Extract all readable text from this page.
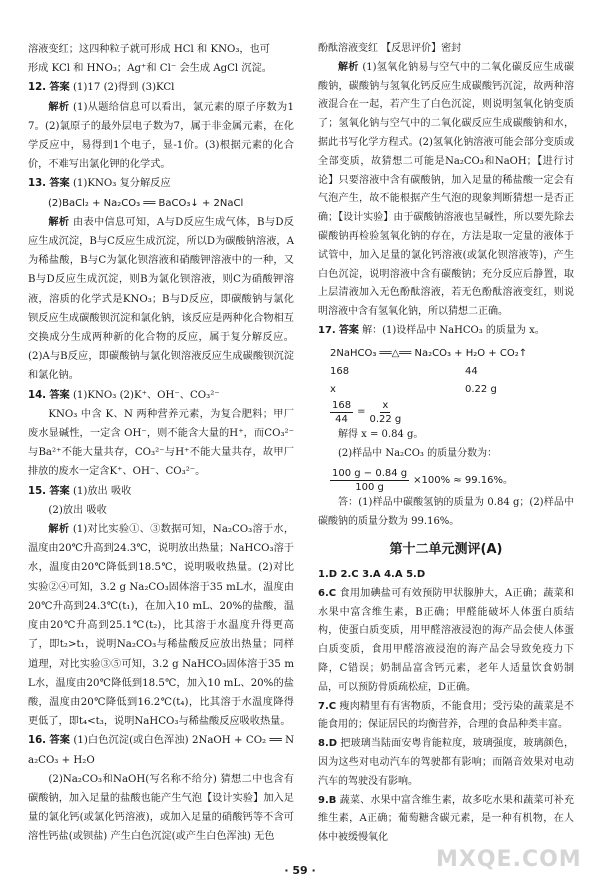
溶液变红；这四种粒子就可形成 HCl 和 KNO₃，也可

形成 KCl 和 HNO₃；Ag⁺和 Cl⁻ 会生成 AgCl 沉淀。

12. 答案 (1)17 (2)得到 (3)KCl

解析 (1)从题给信息可以看出，氯元素的原子序数为17。(2)氯原子的最外层电子数为7，属于非金属元素，在化学反应中，易得到1个电子，显-1价。(3)根据元素的化合价，不难写出氯化钾的化学式。

13. 答案 (1)KNO₃ 复分解反应

(2)BaCl₂ + Na₂CO₃ ══ BaCO₃↓ + 2NaCl

解析 由表中信息可知，A与D反应生成气体，B与D反应生成沉淀，B与C反应生成沉淀，所以D为碳酸钠溶液，A为稀盐酸，B与C为氯化钡溶液和硝酸钾溶液中的一种，又B与D反应生成沉淀，则B为氯化钡溶液，则C为硝酸钾溶液，溶质的化学式是KNO₃；B与D反应，即碳酸钠与氯化钡反应生成碳酸钡沉淀和氯化钠，该反应是两种化合物相互交换成分生成两种新的化合物的反应，属于复分解反应。(2)A与B反应，即碳酸钠与氯化钡溶液反应生成碳酸钡沉淀和氯化钠。

14. 答案 (1)KNO₃ (2)K⁺、OH⁻、CO₃²⁻

KNO₃ 中含 K、N 两种营养元素，为复合肥料；甲厂废水显碱性，一定含 OH⁻，则不能含大量的H⁺，而CO₃²⁻与Ba²⁺不能大量共存，CO₃²⁻与H⁺不能大量共存，故甲厂排放的废水一定含K⁺、OH⁻、CO₃²⁻。

15. 答案 (1)放出 吸收

(2)放出 吸收

解析 (1)对比实验①、③数据可知，Na₂CO₃溶于水，温度由20℃升高到24.3℃，说明放出热量；NaHCO₃溶于水，温度由20℃降低到18.5℃，说明吸收热量。(2)对比实验②④可知，3.2 g Na₂CO₃固体溶于35 mL水，温度由20℃升高到24.3℃(t₁)，在加入10 mL、20%的盐酸，温度由20℃升高到25.1℃(t₂)，比其溶于水温度升得更高了，即t₂>t₁，说明Na₂CO₃与稀盐酸反应放出热量；同样道理，对比实验③⑤可知，3.2 g NaHCO₃固体溶于35 mL水，温度由20℃降低到18.5℃，加入10 mL、20%的盐酸，温度由20℃降低到16.2℃(t₄)，比其溶于水温度降得更低了，即t₄<t₃，说明NaHCO₃与稀盐酸反应吸收热量。

16. 答案 (1)白色沉淀(或白色浑浊) 2NaOH + CO₂ ══ Na₂CO₃ + H₂O

(2)Na₂CO₃和NaOH(写名称不给分) 猜想二中也含有碳酸钠，加入足量的盐酸也能产生气泡【设计实验】加入足量的氯化钙(或氯化钙溶液)，或加入足量的硝酸钙等不含可溶性钙盐(或钡盐) 产生白色沉淀(或产生白色浑浊) 无色

酚酞溶液变红 【反思评价】密封

解析 (1)氢氧化钠易与空气中的二氧化碳反应生成碳酸钠，碳酸钠与氢氧化钙反应生成碳酸钙沉淀，故两种溶液混合在一起，若产生了白色沉淀，则说明氢氧化钠变质了；氢氧化钠与空气中的二氧化碳反应生成碳酸钠和水，据此书写化学方程式。(2)氢氧化钠溶液可能会部分变质或全部变质，故猜想二可能是Na₂CO₃和NaOH；【进行讨论】只要溶液中含有碳酸钠，加入足量的稀盐酸一定会有气泡产生，故不能根据产生气泡的现象判断猜想一是否正确；【设计实验】由于碳酸钠溶液也呈碱性，所以要先除去碳酸钠再检验氢氧化钠的存在，方法是取一定量的液体于试管中，加入足量的氯化钙溶液(或氯化钡溶液等)，产生白色沉淀，说明溶液中含有碳酸钠；充分反应后静置，取上层清液加入无色酚酞溶液，若无色酚酞溶液变红，则说明溶液中含有氢氧化钠，所以猜想二正确。

17. 答案 解：(1)设样品中 NaHCO₃ 的质量为 x。

2NaHCO₃ ══△══ Na₂CO₃ + H₂O + CO₂↑
168	44
x	0.22 g
$\frac{168}{44} = \frac{x}{0.22 g}$

解得 x = 0.84 g。

(2)样品中 Na₂CO₃ 的质量分数为：

$\frac{100 g - 0.84 g}{100 g} \times 100\% \approx 99.16\%$。

答：(1)样品中碳酸氢钠的质量为 0.84 g；(2)样品中碳酸钠的质量分数为 99.16%。

第十二单元测评(A)

1.D 2.C 3.A 4.A 5.D

6.C 食用加碘盐可有效预防甲状腺肿大，A正确；蔬菜和水果中富含维生素，B正确；甲醛能破坏人体蛋白质结构，使蛋白质变质，用甲醛溶液浸泡的海产品会使人体蛋白质变质，食用甲醛溶液浸泡的海产品会导致免疫力下降，C错误；奶制品富含钙元素，老年人适量饮食奶制品，可以预防骨质疏松症，D正确。

7.C 瘦肉精里有有害物质，不能食用；受污染的蔬菜是不能食用的；保证居民的均衡营养，合理的食品种类丰富。

8.D 把玻璃当陆面安粤肯能粒度，玻璃强度，玻璃颜色，因为这些对电动汽车的驾驶都有影响；而隔音效果对电动汽车的驾驶没有影响。

9.B 蔬菜、水果中富含维生素，故多吃水果和蔬菜可补充维生素，A正确；葡萄糖含碳元素，是一种有机物，在人体中被缓慢氧化

· 59 ·	MXQE.COM
